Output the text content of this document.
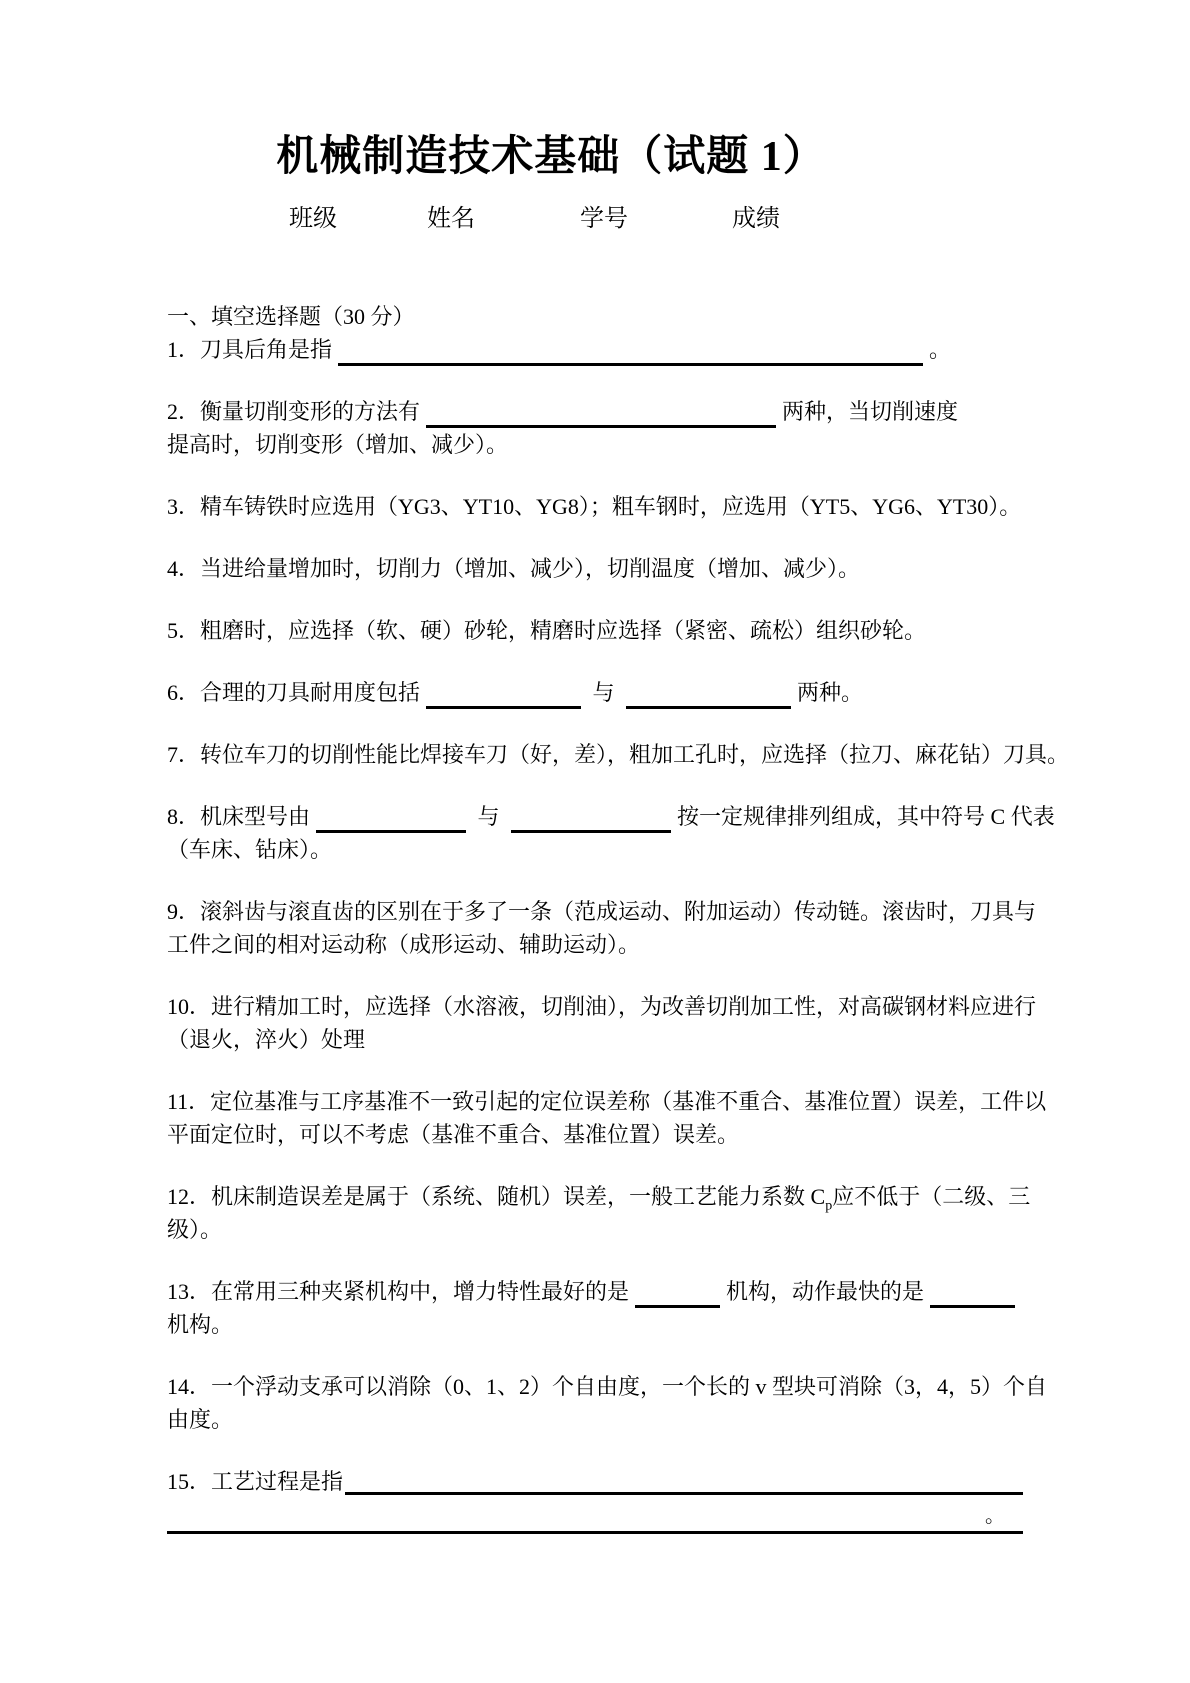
机械制造技术基础（试题 1）
班级	姓名	学号	成绩
一、填空选择题（30 分）
1．刀具后角是指	。
2．衡量切削变形的方法有	两种，当切削速度
提高时，切削变形（增加、减少）。
3．精车铸铁时应选用（YG3、YT10、YG8）；粗车钢时，应选用（YT5、YG6、YT30）。
4．当进给量增加时，切削力（增加、减少），切削温度（增加、减少）。
5．粗磨时，应选择（软、硬）砂轮，精磨时应选择（紧密、疏松）组织砂轮。
6．合理的刀具耐用度包括	与	两种。
7．转位车刀的切削性能比焊接车刀（好，差），粗加工孔时，应选择（拉刀、麻花钻）刀具。
8．机床型号由	与	按一定规律排列组成，其中符号 C 代表
（车床、钻床）。
9．滚斜齿与滚直齿的区别在于多了一条（范成运动、附加运动）传动链。滚齿时，刀具与
工件之间的相对运动称（成形运动、辅助运动）。
10．进行精加工时，应选择（水溶液，切削油），为改善切削加工性，对高碳钢材料应进行
（退火，淬火）处理
11．定位基准与工序基准不一致引起的定位误差称（基准不重合、基准位置）误差，工件以
平面定位时，可以不考虑（基准不重合、基准位置）误差。
12．机床制造误差是属于（系统、随机）误差，一般工艺能力系数 $C_p$应不低于（二级、三
级）。
13．在常用三种夹紧机构中，增力特性最好的是	机构，动作最快的是
机构。
14．一个浮动支承可以消除（0、1、2）个自由度，一个长的 v 型块可消除（3，4，5）个自
由度。
15．工艺过程是指
。
